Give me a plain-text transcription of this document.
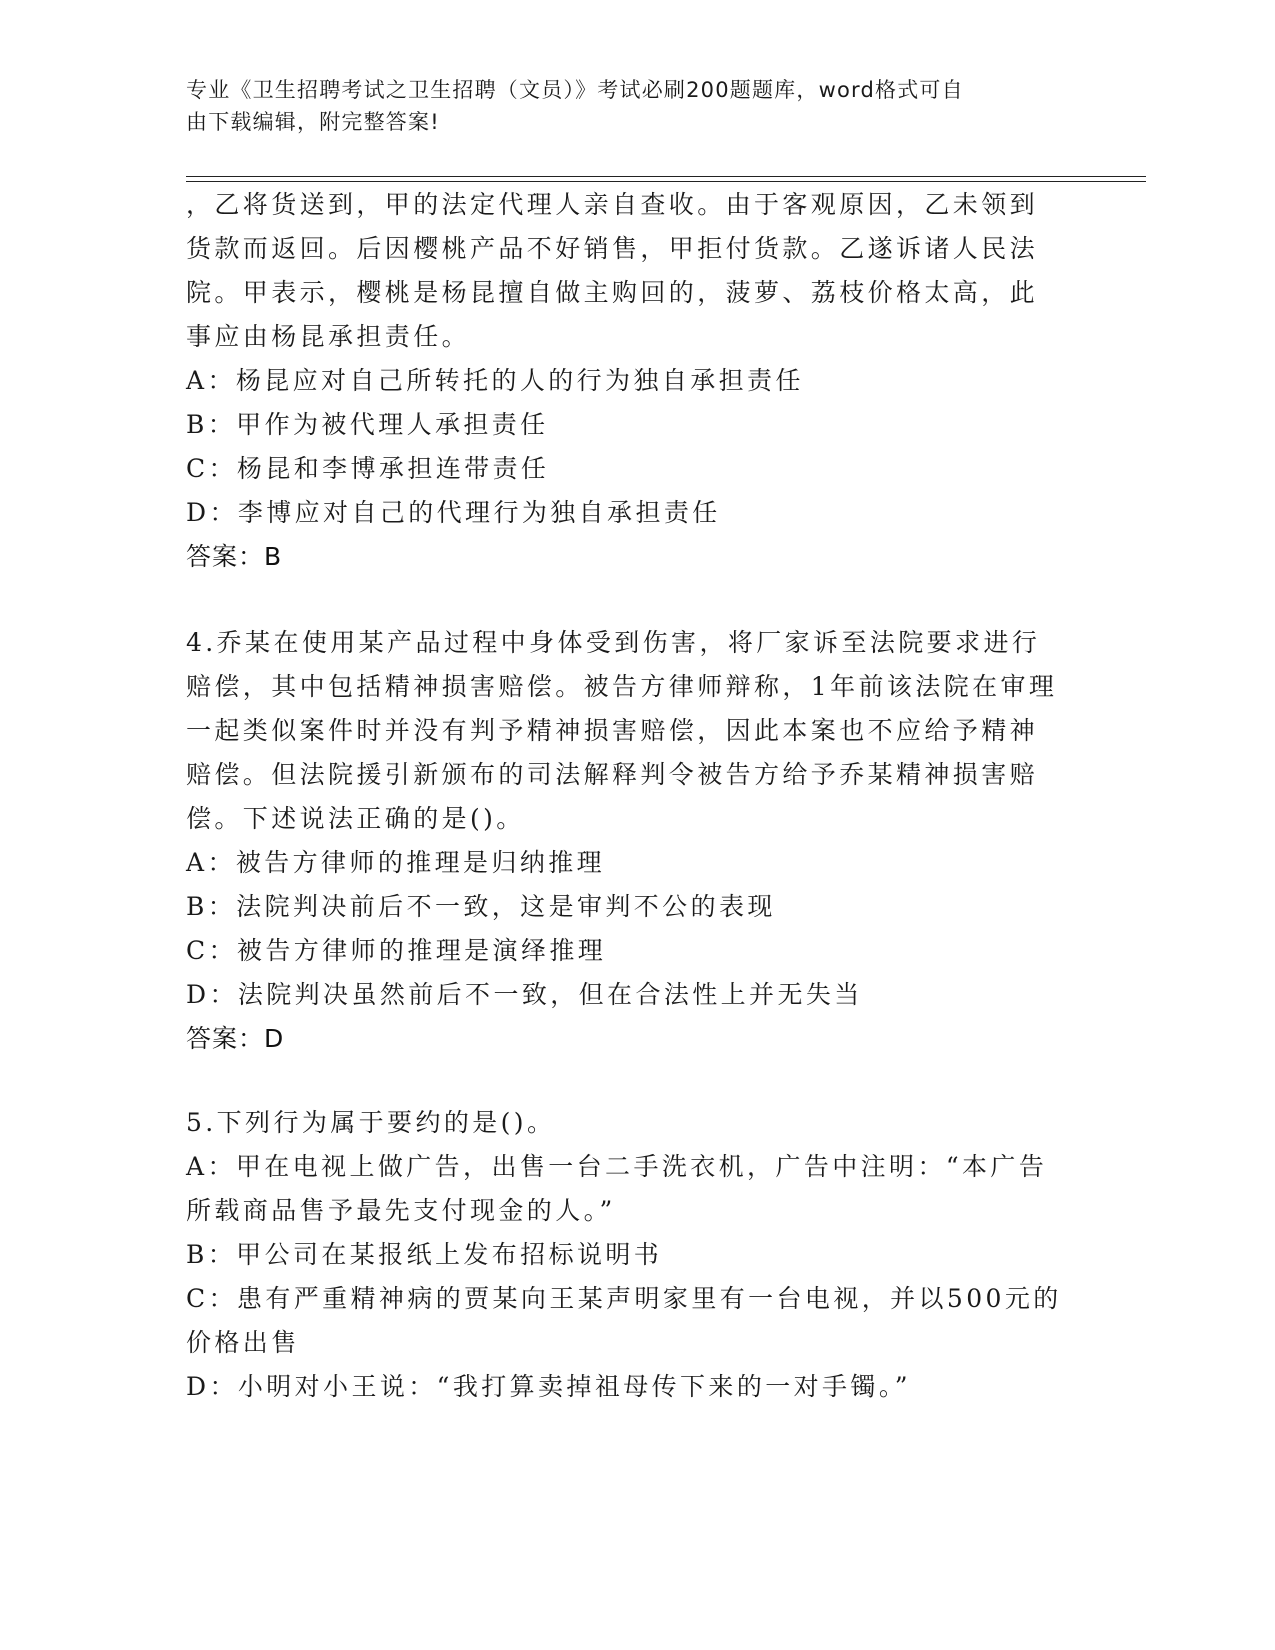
专业《卫生招聘考试之卫生招聘（文员）》考试必刷200题题库，word格式可自
由下载编辑，附完整答案!
，乙将货送到，甲的法定代理人亲自查收。由于客观原因，乙未领到
货款而返回。后因樱桃产品不好销售，甲拒付货款。乙遂诉诸人民法
院。甲表示，樱桃是杨昆擅自做主购回的，菠萝、荔枝价格太高，此
事应由杨昆承担责任。
A：杨昆应对自己所转托的人的行为独自承担责任
B：甲作为被代理人承担责任
C：杨昆和李博承担连带责任
D：李博应对自己的代理行为独自承担责任
答案：B
4.乔某在使用某产品过程中身体受到伤害，将厂家诉至法院要求进行
赔偿，其中包括精神损害赔偿。被告方律师辩称，1年前该法院在审理
一起类似案件时并没有判予精神损害赔偿，因此本案也不应给予精神
赔偿。但法院援引新颁布的司法解释判令被告方给予乔某精神损害赔
偿。下述说法正确的是()。
A：被告方律师的推理是归纳推理
B：法院判决前后不一致，这是审判不公的表现
C：被告方律师的推理是演绎推理
D：法院判决虽然前后不一致，但在合法性上并无失当
答案：D
5.下列行为属于要约的是()。
A：甲在电视上做广告，出售一台二手洗衣机，广告中注明：“本广告
所载商品售予最先支付现金的人。”
B：甲公司在某报纸上发布招标说明书
C：患有严重精神病的贾某向王某声明家里有一台电视，并以500元的
价格出售
D：小明对小王说：“我打算卖掉祖母传下来的一对手镯。”
